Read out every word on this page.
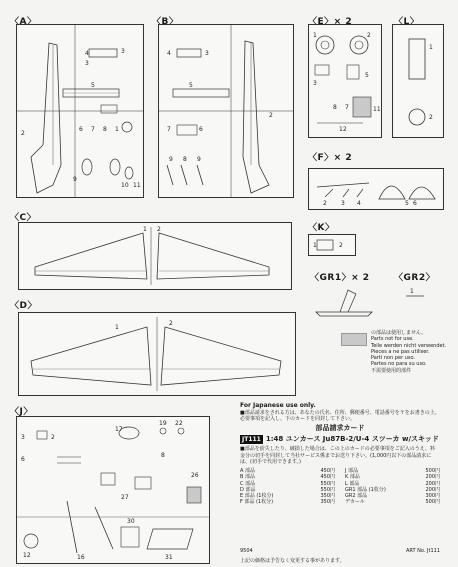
〈A〉
4
3
3
5
2
6 7 8 1
9
10 11
〈B〉
4	3
5
2
7	6
9 8 9
〈E〉× 2
1	2
3
5
8 7	11
12
〈L〉
1
2
〈F〉× 2
2 3 4	5 6
〈C〉
1 2	〈K〉
1	2
〈GR1〉× 2	〈GR2〉
1
〈D〉
1
2
の部品は使用しません。
Parts not for use.
Teile werden nicht verwendet.
Pieces a ne pas utiliser.
Parti non per uso.
Partes no para su uso.
不需要使用的部件
〈J〉
3	2
17
19 22
6
8
26
27
30
12	16	31
For Japanese use only.
■部品請求をされる方は、あなたの氏名、住所、郵便番号、電話番号を〒をお書きの上、必要事項を記入し、下のカードを同封して下さい。
部品請求カード
JT111 1:48 ユンカース Ju87B-2/U-4 スツーカ w/スキッド
■部品を紛失したり、破損した場合は、この上のカードの必要事項をご記入のうえ、料金分の切手を同封して当社サービス係までお送り下さい。(1,000円以下の部品請求には、(切手で代用できます。)
A 部品	450円 J 部品	500円
B 部品	450円 K 部品	200円
C 部品	550円 L 部品	200円
D 部品	550円 GR1 部品 (1枚分)	200円
E 部品 (1枚分)	350円 GR2 部品	300円
F 部品 (1枚分)	350円 デカール	500円
9504	ART No. Jt111
上記の価格は予告なく変更する事があります。
